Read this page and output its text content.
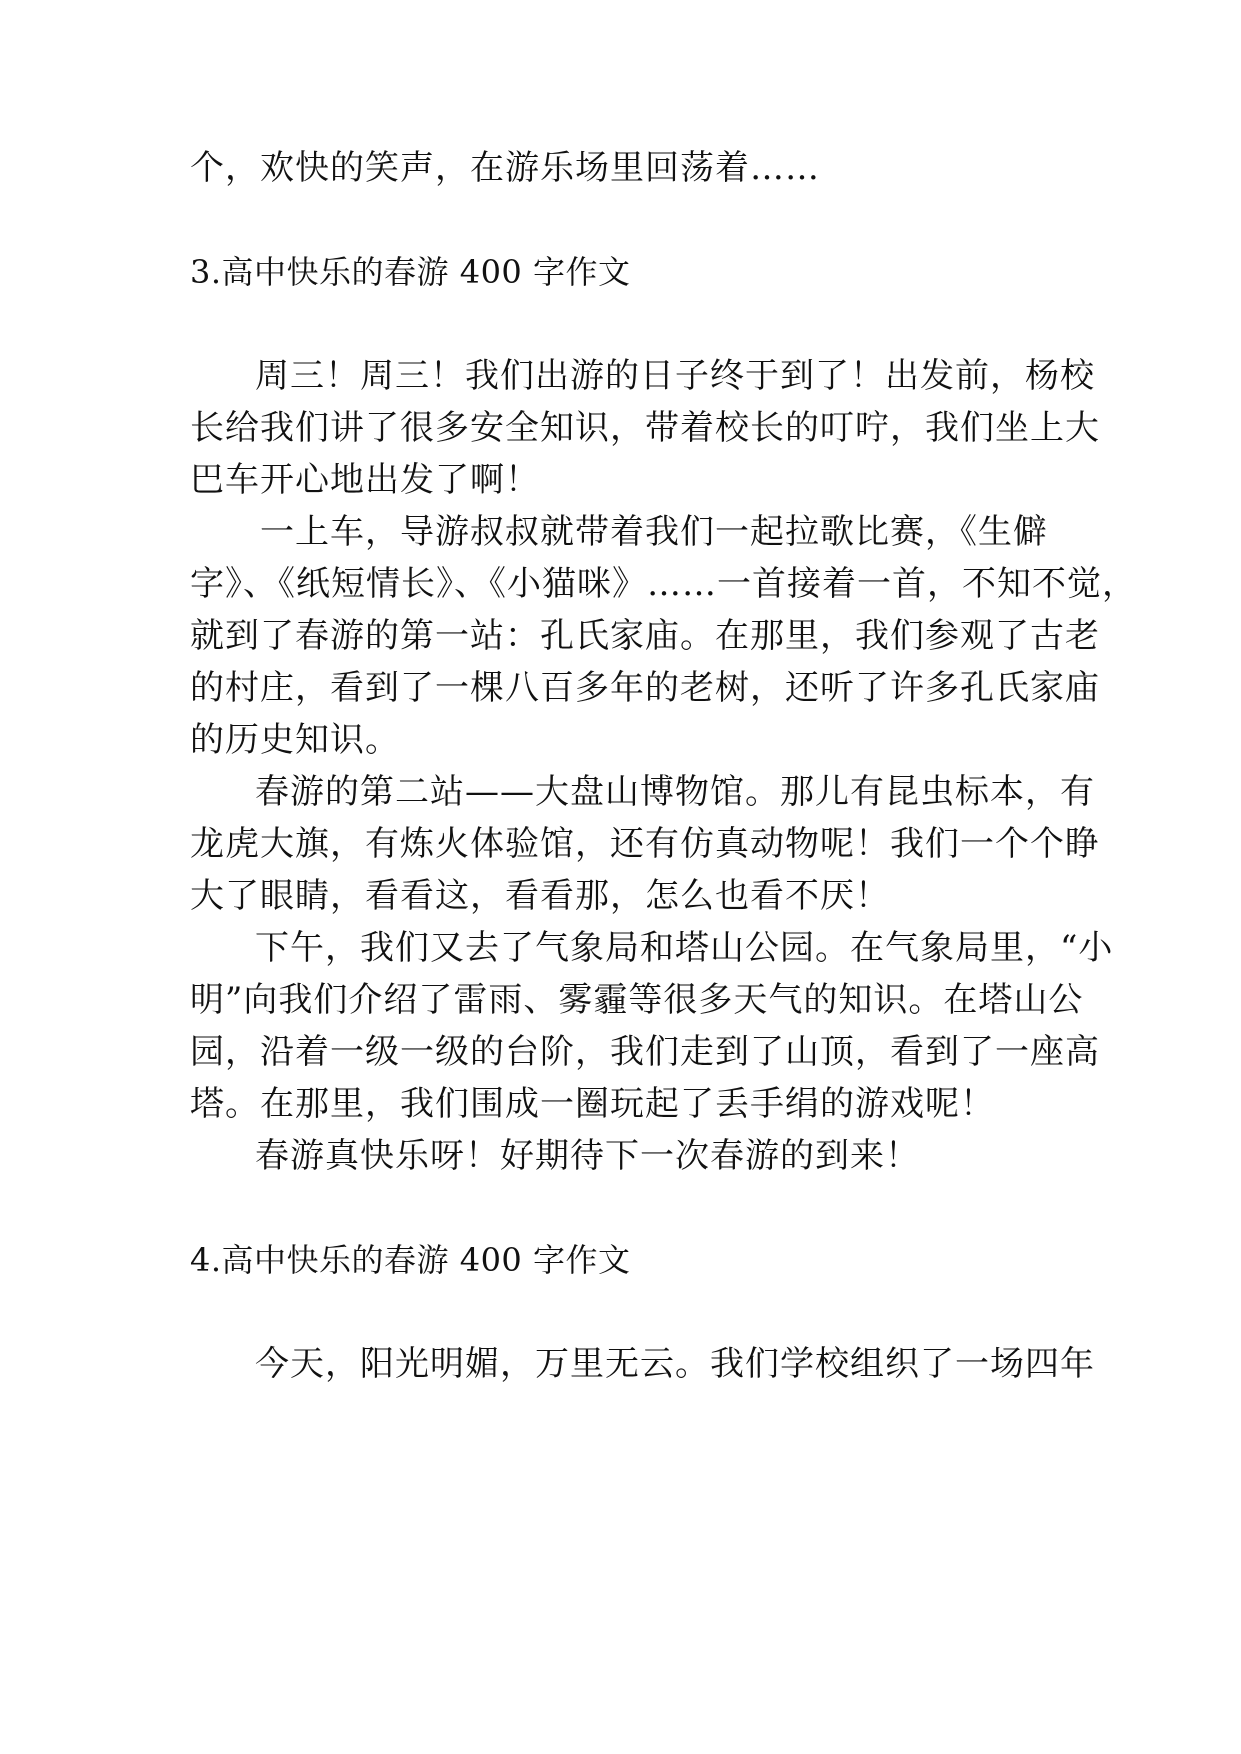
个，欢快的笑声，在游乐场里回荡着……
3.高中快乐的春游 400 字作文
周三！周三！我们出游的日子终于到了！出发前，杨校
长给我们讲了很多安全知识，带着校长的叮咛，我们坐上大
巴车开心地出发了啊！
一上车，导游叔叔就带着我们一起拉歌比赛，《生僻
字》、《纸短情长》、《小猫咪》……一首接着一首，不知不觉，
就到了春游的第一站：孔氏家庙。在那里，我们参观了古老
的村庄，看到了一棵八百多年的老树，还听了许多孔氏家庙
的历史知识。
春游的第二站——大盘山博物馆。那儿有昆虫标本，有
龙虎大旗，有炼火体验馆，还有仿真动物呢！我们一个个睁
大了眼睛，看看这，看看那，怎么也看不厌！
下午，我们又去了气象局和塔山公园。在气象局里，“小
明”向我们介绍了雷雨、雾霾等很多天气的知识。在塔山公
园，沿着一级一级的台阶，我们走到了山顶，看到了一座高
塔。在那里，我们围成一圈玩起了丢手绢的游戏呢！
春游真快乐呀！好期待下一次春游的到来！
4.高中快乐的春游 400 字作文
今天，阳光明媚，万里无云。我们学校组织了一场四年
